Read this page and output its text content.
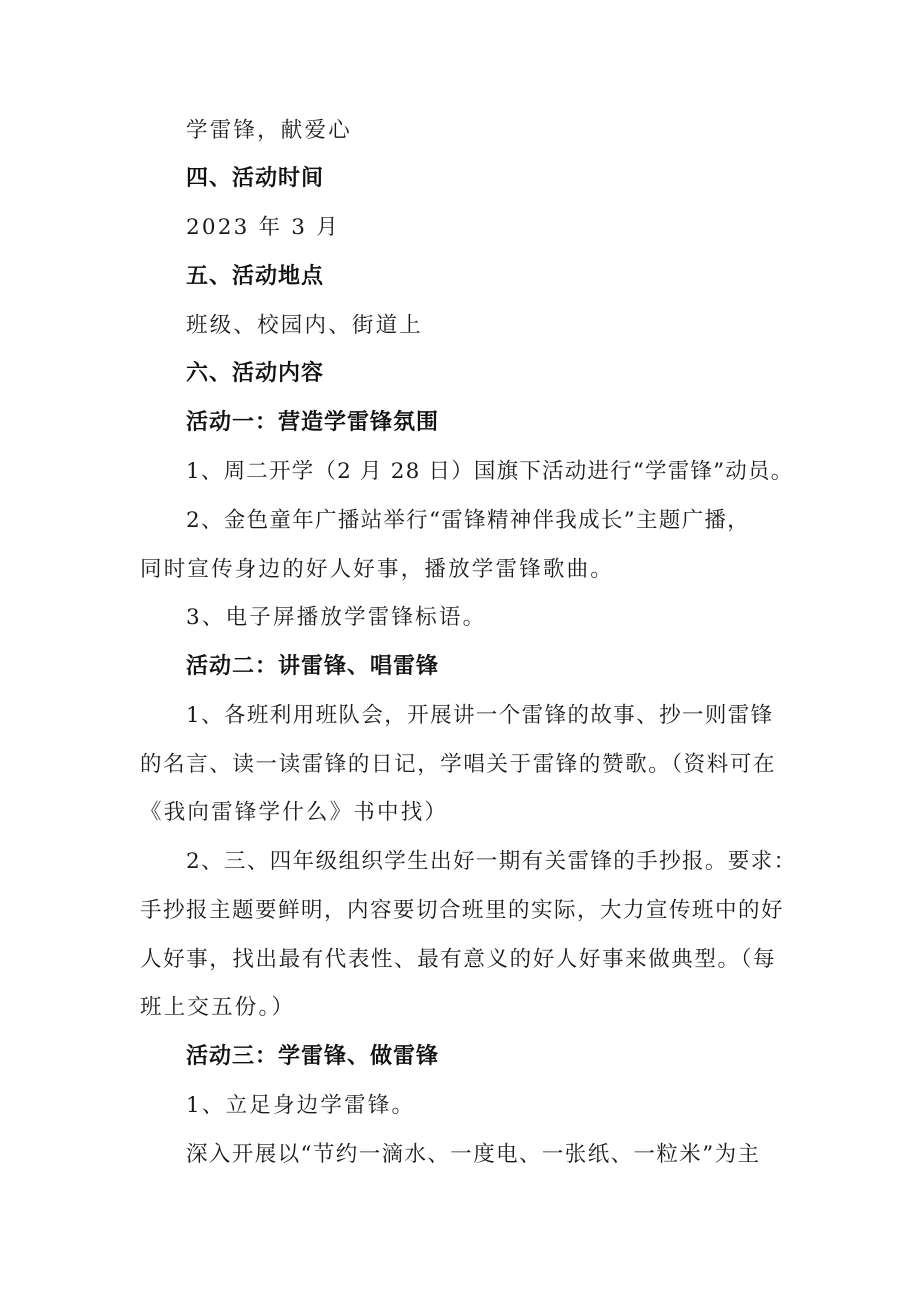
学雷锋，献爱心
四、活动时间
2023 年 3 月
五、活动地点
班级、校园内、街道上
六、活动内容
活动一：营造学雷锋氛围
1、周二开学（2 月 28 日）国旗下活动进行“学雷锋”动员。
2、金色童年广播站举行“雷锋精神伴我成长”主题广播，
同时宣传身边的好人好事，播放学雷锋歌曲。
3、电子屏播放学雷锋标语。
活动二：讲雷锋、唱雷锋
1、各班利用班队会，开展讲一个雷锋的故事、抄一则雷锋
的名言、读一读雷锋的日记，学唱关于雷锋的赞歌。（资料可在
《我向雷锋学什么》书中找）
2、三、四年级组织学生出好一期有关雷锋的手抄报。要求：
手抄报主题要鲜明，内容要切合班里的实际，大力宣传班中的好
人好事，找出最有代表性、最有意义的好人好事来做典型。（每
班上交五份。）
活动三：学雷锋、做雷锋
1、立足身边学雷锋。
深入开展以“节约一滴水、一度电、一张纸、一粒米”为主
